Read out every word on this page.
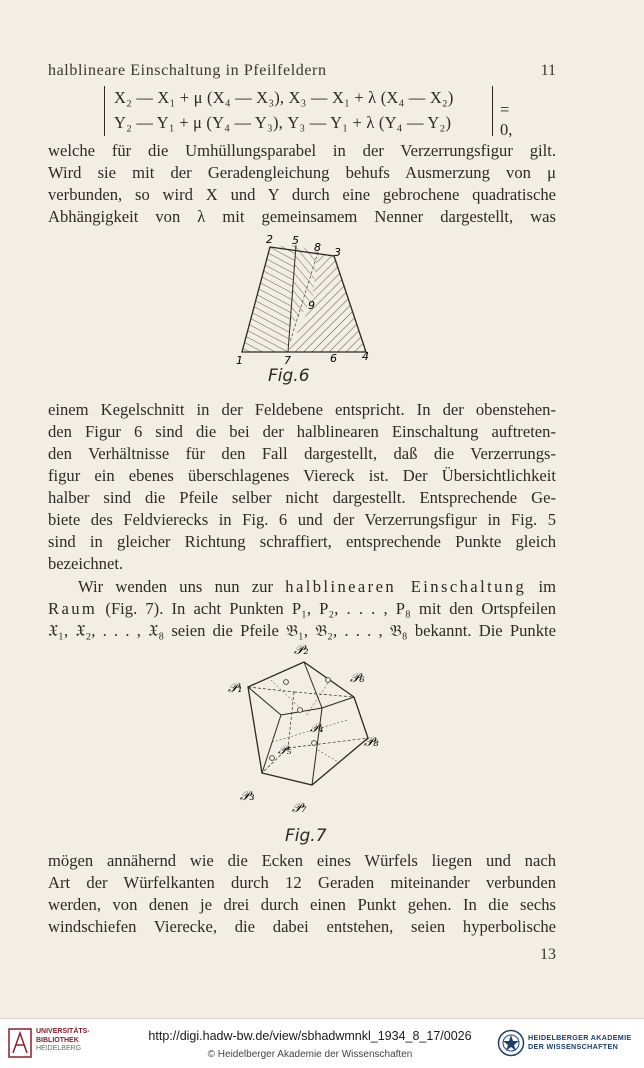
halblineare Einschaltung in Pfeilfeldern	11
X₂ — X₁ + μ (X₄ — X₃), X₃ — X₁ + λ (X₄ — X₂)
Y₂ — Y₁ + μ (Y₄ — Y₃), Y₃ — Y₁ + λ (Y₄ — Y₂)
= 0,
welche für die Umhüllungsparabel in der Verzerrungsfigur gilt.
Wird sie mit der Geradengleichung behufs Ausmerzung von μ
verbunden, so wird X und Y durch eine gebrochene quadratische
Abhängigkeit von λ mit gemeinsamem Nenner dargestellt, was
2 5
8 3
9
1	7	6 4
Fig.6
einem Kegelschnitt in der Feldebene entspricht. In der obenstehen-
den Figur 6 sind die bei der halblinearen Einschaltung auftreten-
den Verhältnisse für den Fall dargestellt, daß die Verzerrungs-
figur ein ebenes überschlagenes Viereck ist. Der Übersichtlichkeit
halber sind die Pfeile selber nicht dargestellt. Entsprechende Ge-
biete des Feldvierecks in Fig. 6 und der Verzerrungsfigur in Fig. 5
sind in gleicher Richtung schraffiert, entsprechende Punkte gleich
bezeichnet.
Wir wenden uns nun zur halblinearen Einschaltung im
Raum (Fig. 7). In acht Punkten P₁, P₂, . . . , P₈ mit den Ortspfeilen
𝔛₁, 𝔛₂, . . . , 𝔛₈ seien die Pfeile 𝔅₁, 𝔅₂, . . . , 𝔅₈ bekannt. Die Punkte
𝒫₂
𝒫₁
𝒫₆
𝒫₄
𝒫₅	𝒫₈
𝒫₃
𝒫₇
Fig.7
mögen annähernd wie die Ecken eines Würfels liegen und nach
Art der Würfelkanten durch 12 Geraden miteinander verbunden
werden, von denen je drei durch einen Punkt gehen. In die sechs
windschiefen Vierecke, die dabei entstehen, seien hyperbolische
13
UNIVERSITÄTS-
BIBLIOTHEK
HEIDELBERG
http://digi.hadw-bw.de/view/sbhadwmnkl_1934_8_17/0026
© Heidelberger Akademie der Wissenschaften
HEIDELBERGER AKADEMIE
DER WISSENSCHAFTEN
